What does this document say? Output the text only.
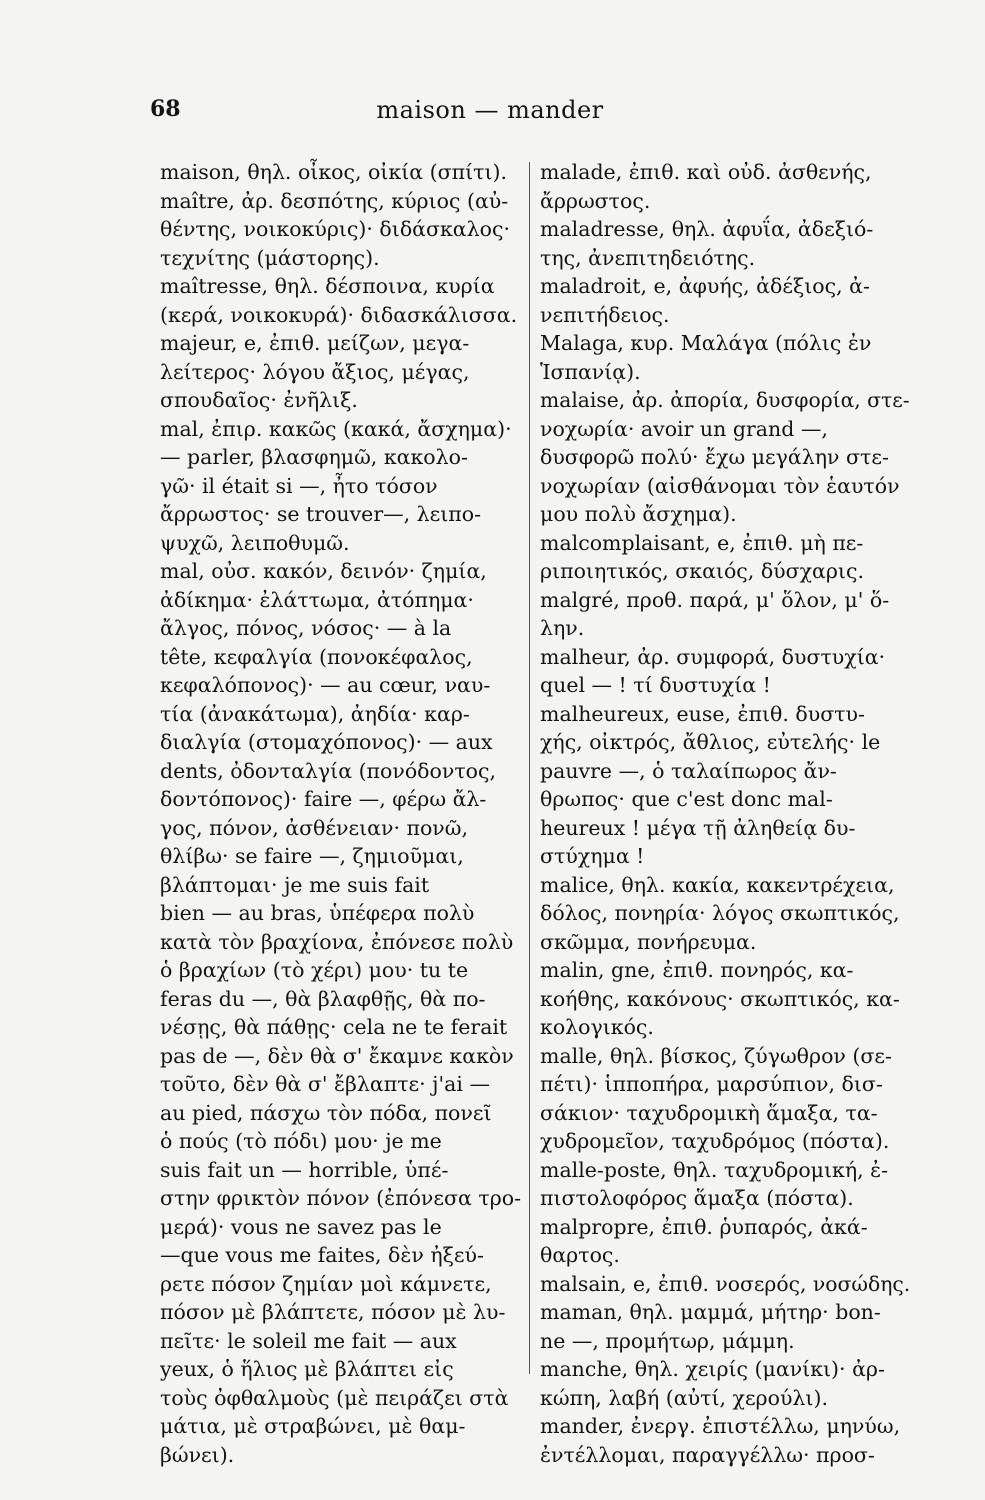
68	maison — mander
maison, θηλ. οἶκος, οἰκία (σπίτι).
maître, ἀρ. δεσπότης, κύριος (αὐ-
θέντης, νοικοκύρις)· διδάσκαλος·
τεχνίτης (μάστορης).
maîtresse, θηλ. δέσποινα, κυρία
(κερά, νοικοκυρά)· διδασκάλισσα.
majeur, e, ἐπιθ. μείζων, μεγα-
λείτερος· λόγου ἄξιος, μέγας,
σπουδαῖος· ἐνῆλιξ.
mal, ἐπιρ. κακῶς (κακά, ἄσχημα)·
— parler, βλασφημῶ, κακολο-
γῶ· il était si —, ἦτο τόσον
ἄρρωστος· se trouver—, λειπο-
ψυχῶ, λειποθυμῶ.
mal, οὐσ. κακόν, δεινόν· ζημία,
ἀδίκημα· ἐλάττωμα, ἀτόπημα·
ἄλγος, πόνος, νόσος· — à la
tête, κεφαλγία (πονοκέφαλος,
κεφαλόπονος)· — au cœur, ναυ-
τία (ἀνακάτωμα), ἀηδία· καρ-
διαλγία (στομαχόπονος)· — aux
dents, ὀδονταλγία (πονόδοντος,
δοντόπονος)· faire —, φέρω ἄλ-
γος, πόνον, ἀσθένειαν· πονῶ,
θλίβω· se faire —, ζημιοῦμαι,
βλάπτομαι· je me suis fait
bien — au bras, ὑπέφερα πολὺ
κατὰ τὸν βραχίονα, ἐπόνεσε πολὺ
ὁ βραχίων (τὸ χέρι) μου· tu te
feras du —, θὰ βλαφθῇς, θὰ πο-
νέσῃς, θὰ πάθῃς· cela ne te ferait
pas de —, δὲν θὰ σ' ἔκαμνε κακὸν
τοῦτο, δὲν θὰ σ' ἔβλαπτε· j'ai —
au pied, πάσχω τὸν πόδα, πονεῖ
ὁ πούς (τὸ πόδι) μου· je me
suis fait un — horrible, ὑπέ-
στην φρικτὸν πόνον (ἐπόνεσα τρο-
μερά)· vous ne savez pas le
—que vous me faites, δὲν ἠξεύ-
ρετε πόσον ζημίαν μοὶ κάμνετε,
πόσον μὲ βλάπτετε, πόσον μὲ λυ-
πεῖτε· le soleil me fait — aux
yeux, ὁ ἥλιος μὲ βλάπτει εἰς
τοὺς ὀφθαλμοὺς (μὲ πειράζει στὰ
μάτια, μὲ στραβώνει, μὲ θαμ-
βώνει).
malade, ἐπιθ. καὶ οὐδ. ἀσθενής,
ἄρρωστος.
maladresse, θηλ. ἀφυΐα, ἀδεξιό-
της, ἀνεπιτηδειότης.
maladroit, e, ἀφυής, ἀδέξιος, ἀ-
νεπιτήδειος.
Malaga, κυρ. Μαλάγα (πόλις ἐν
Ἱσπανίᾳ).
malaise, ἀρ. ἀπορία, δυσφορία, στε-
νοχωρία· avoir un grand —,
δυσφορῶ πολύ· ἔχω μεγάλην στε-
νοχωρίαν (αἰσθάνομαι τὸν ἑαυτόν
μου πολὺ ἄσχημα).
malcomplaisant, e, ἐπιθ. μὴ πε-
ριποιητικός, σκαιός, δύσχαρις.
malgré, προθ. παρά, μ' ὅλον, μ' ὅ-
λην.
malheur, ἀρ. συμφορά, δυστυχία·
quel — ! τί δυστυχία !
malheureux, euse, ἐπιθ. δυστυ-
χής, οἰκτρός, ἄθλιος, εὐτελής· le
pauvre —, ὁ ταλαίπωρος ἄν-
θρωπος· que c'est donc mal-
heureux ! μέγα τῇ ἀληθείᾳ δυ-
στύχημα !
malice, θηλ. κακία, κακεντρέχεια,
δόλος, πονηρία· λόγος σκωπτικός,
σκῶμμα, πονήρευμα.
malin, gne, ἐπιθ. πονηρός, κα-
κοήθης, κακόνους· σκωπτικός, κα-
κολογικός.
malle, θηλ. βίσκος, ζύγωθρον (σε-
πέτι)· ἱπποπήρα, μαρσύπιον, δισ-
σάκιον· ταχυδρομικὴ ἅμαξα, τα-
χυδρομεῖον, ταχυδρόμος (πόστα).
malle-poste, θηλ. ταχυδρομική, ἐ-
πιστολοφόρος ἅμαξα (πόστα).
malpropre, ἐπιθ. ῥυπαρός, ἀκά-
θαρτος.
malsain, e, ἐπιθ. νοσερός, νοσώδης.
maman, θηλ. μαμμά, μήτηρ· bon-
ne —, προμήτωρ, μάμμη.
manche, θηλ. χειρίς (μανίκι)· ἀρ-
κώπη, λαβή (αὐτί, χερούλι).
mander, ἐνεργ. ἐπιστέλλω, μηνύω,
ἐντέλλομαι, παραγγέλλω· προσ-
